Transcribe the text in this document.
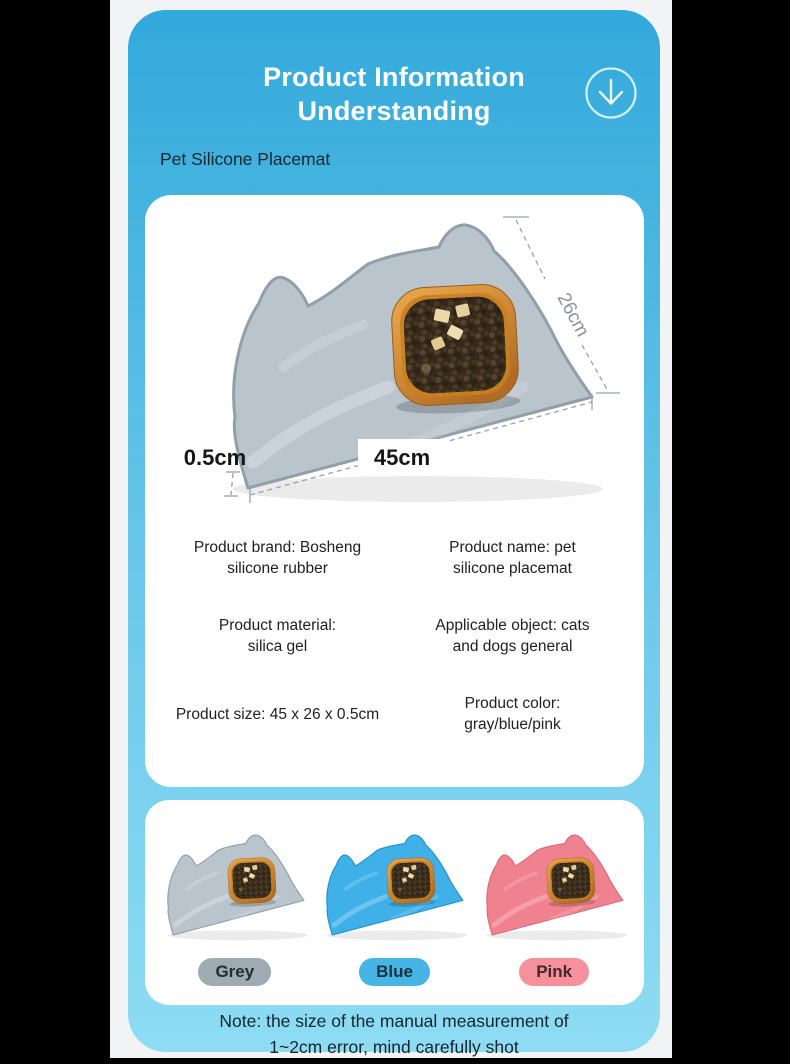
Product Information
Understanding
Pet Silicone Placemat
45cm
26cm
0.5cm
Product brand: Bosheng
silicone rubber
Product name: pet
silicone placemat
Product material:
silica gel
Applicable object: cats
and dogs general
Product size: 45 x 26 x 0.5cm
Product color:
gray/blue/pink
Grey	Blue	Pink
Note: the size of the manual measurement of
1~2cm error, mind carefully shot
